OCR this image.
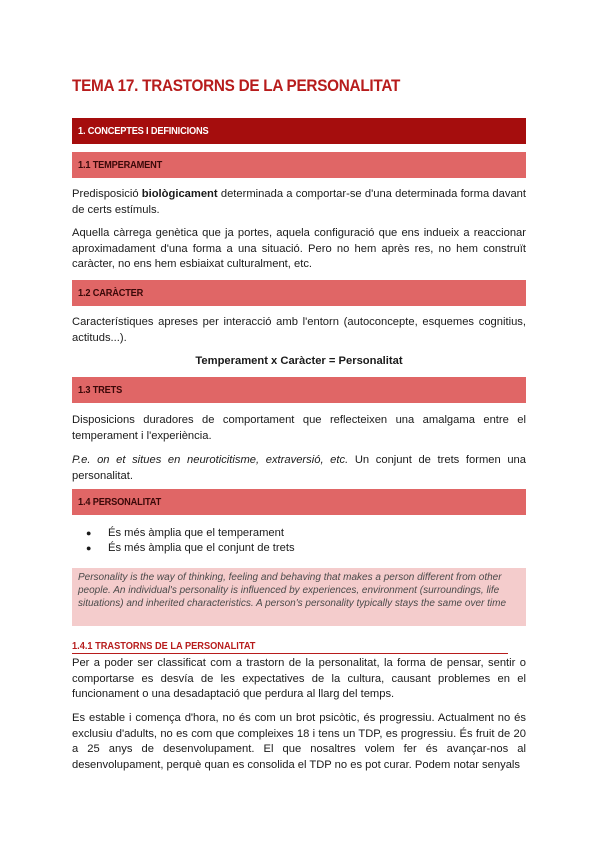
TEMA 17. TRASTORNS DE LA PERSONALITAT
1. CONCEPTES I DEFINICIONS
1.1 TEMPERAMENT
Predisposició biològicament determinada a comportar-se d'una determinada forma davant de certs estímuls.
Aquella càrrega genètica que ja portes, aquela configuració que ens induеix a reaccionar aproximadament d'una forma a una situació. Pero no hem après res, no hem construït caràcter, no ens hem esbiaixat culturalment, etc.
1.2 CARÀCTER
Característiques apreses per interacció amb l'entorn (autoconcepte, esquemes cognitius, actituds...).
Temperament x Caràcter = Personalitat
1.3 TRETS
Disposicions duradores de comportament que reflecteixen una amalgama entre el temperament i l'experiència.
P.e. on et situes en neuroticitisme, extraversió, etc. Un conjunt de trets formen una personalitat.
1.4 PERSONALITAT
●	És més àmplia que el temperament
●	És més àmplia que el conjunt de trets
Personality is the way of thinking, feeling and behaving that makes a person different from other people. An individual's personality is influenced by experiences, environment (surroundings, life situations) and inherited characteristics. A person's personality typically stays the same over time
1.4.1 TRASTORNS DE LA PERSONALITAT
Per a poder ser classificat com a trastorn de la personalitat, la forma de pensar, sentir o comportarse es desvía de les expectatives de la cultura, causant problemes en el funcionament o una desadaptació que perdura al llarg del temps.
Es estable i comença d'hora, no és com un brot psicòtic, és progressiu. Actualment no és exclusiu d'adults, no es com que compleixes 18 i tens un TDP, es progressiu. És fruit de 20 a 25 anys de desenvolupament. El que nosaltres volem fer és avançar-nos al desenvolupament, perquè quan es consolida el TDP no es pot curar. Podem notar senyals
